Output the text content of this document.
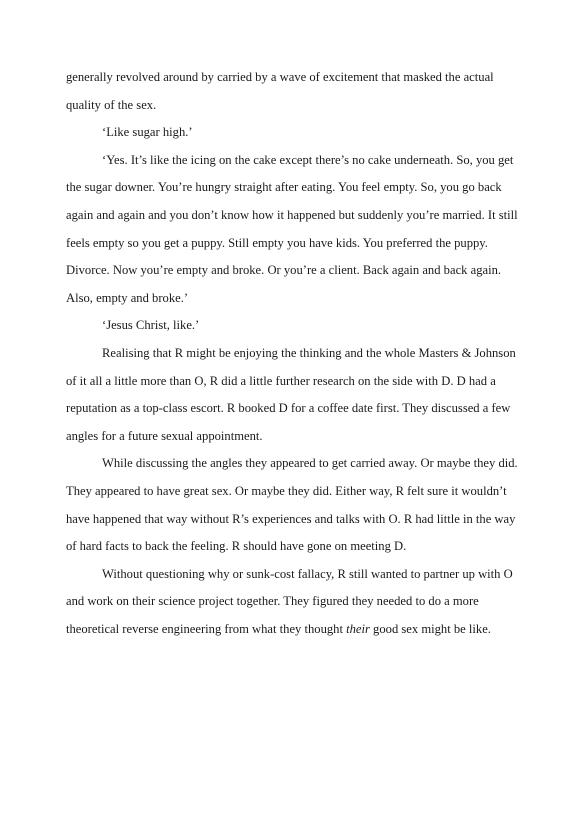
generally revolved around by carried by a wave of excitement that masked the actual quality of the sex.

‘Like sugar high.’

‘Yes. It’s like the icing on the cake except there’s no cake underneath. So, you get the sugar downer. You’re hungry straight after eating. You feel empty. So, you go back again and again and you don’t know how it happened but suddenly you’re married. It still feels empty so you get a puppy. Still empty you have kids. You preferred the puppy. Divorce. Now you’re empty and broke. Or you’re a client. Back again and back again. Also, empty and broke.’

‘Jesus Christ, like.’

Realising that R might be enjoying the thinking and the whole Masters & Johnson of it all a little more than O, R did a little further research on the side with D. D had a reputation as a top-class escort. R booked D for a coffee date first. They discussed a few angles for a future sexual appointment.

While discussing the angles they appeared to get carried away. Or maybe they did. They appeared to have great sex. Or maybe they did. Either way, R felt sure it wouldn’t have happened that way without R’s experiences and talks with O. R had little in the way of hard facts to back the feeling. R should have gone on meeting D.

Without questioning why or sunk-cost fallacy, R still wanted to partner up with O and work on their science project together. They figured they needed to do a more theoretical reverse engineering from what they thought their good sex might be like.
